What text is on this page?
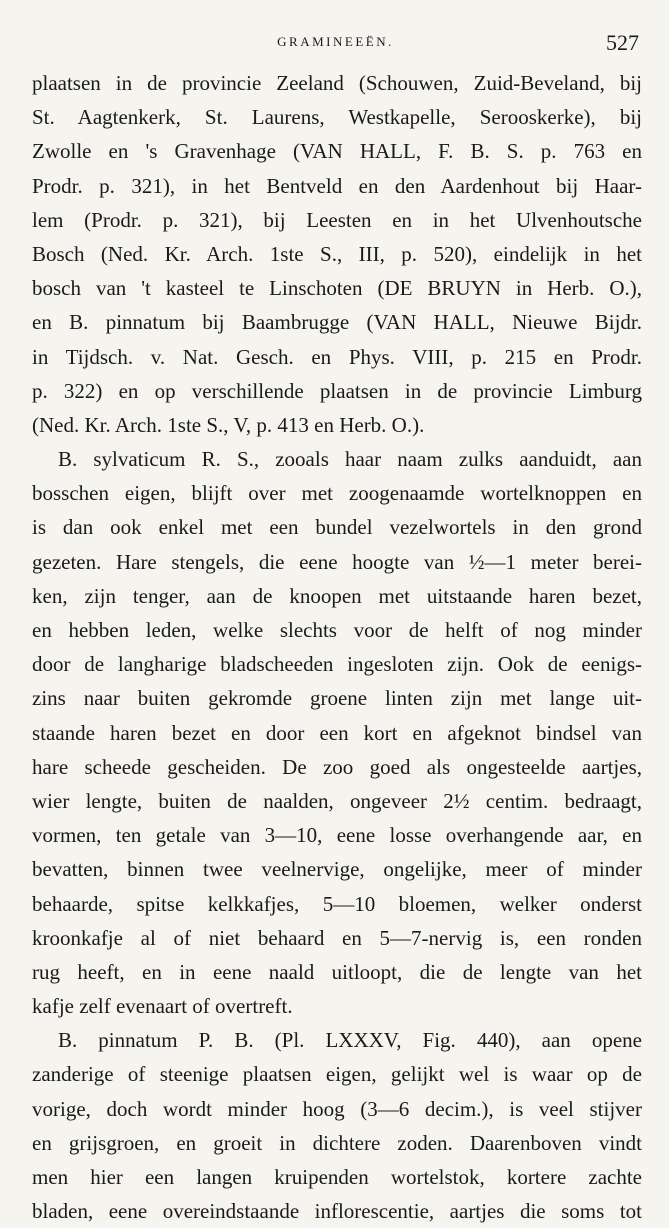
GRAMINEEËN.	527
plaatsen in de provincie Zeeland (Schouwen, Zuid-Beveland, bij
St. Aagtenkerk, St. Laurens, Westkapelle, Serooskerke), bij
Zwolle en 's Gravenhage (VAN HALL, F. B. S. p. 763 en
Prodr. p. 321), in het Bentveld en den Aardenhout bij Haar-
lem (Prodr. p. 321), bij Leesten en in het Ulvenhoutsche
Bosch (Ned. Kr. Arch. 1ste S., III, p. 520), eindelijk in het
bosch van 't kasteel te Linschoten (DE BRUYN in Herb. O.),
en B. pinnatum bij Baambrugge (VAN HALL, Nieuwe Bijdr.
in Tijdsch. v. Nat. Gesch. en Phys. VIII, p. 215 en Prodr.
p. 322) en op verschillende plaatsen in de provincie Limburg
(Ned. Kr. Arch. 1ste S., V, p. 413 en Herb. O.).
B. sylvaticum R. S., zooals haar naam zulks aanduidt, aan
bosschen eigen, blijft over met zoogenaamde wortelknoppen en
is dan ook enkel met een bundel vezelwortels in den grond
gezeten. Hare stengels, die eene hoogte van ½—1 meter berei-
ken, zijn tenger, aan de knoopen met uitstaande haren bezet,
en hebben leden, welke slechts voor de helft of nog minder
door de langharige bladscheeden ingesloten zijn. Ook de eenigs-
zins naar buiten gekromde groene linten zijn met lange uit-
staande haren bezet en door een kort en afgeknot bindsel van
hare scheede gescheiden. De zoo goed als ongesteelde aartjes,
wier lengte, buiten de naalden, ongeveer 2½ centim. bedraagt,
vormen, ten getale van 3—10, eene losse overhangende aar, en
bevatten, binnen twee veelnervige, ongelijke, meer of minder
behaarde, spitse kelkkafjes, 5—10 bloemen, welker onderst
kroonkafje al of niet behaard en 5—7-nervig is, een ronden
rug heeft, en in eene naald uitloopt, die de lengte van het
kafje zelf evenaart of overtreft.
B. pinnatum P. B. (Pl. LXXXV, Fig. 440), aan opene
zanderige of steenige plaatsen eigen, gelijkt wel is waar op de
vorige, doch wordt minder hoog (3—6 decim.), is veel stijver
en grijsgroen, en groeit in dichtere zoden. Daarenboven vindt
men hier een langen kruipenden wortelstok, kortere zachte
bladen, eene overeindstaande inflorescentie, aartjes die soms tot
